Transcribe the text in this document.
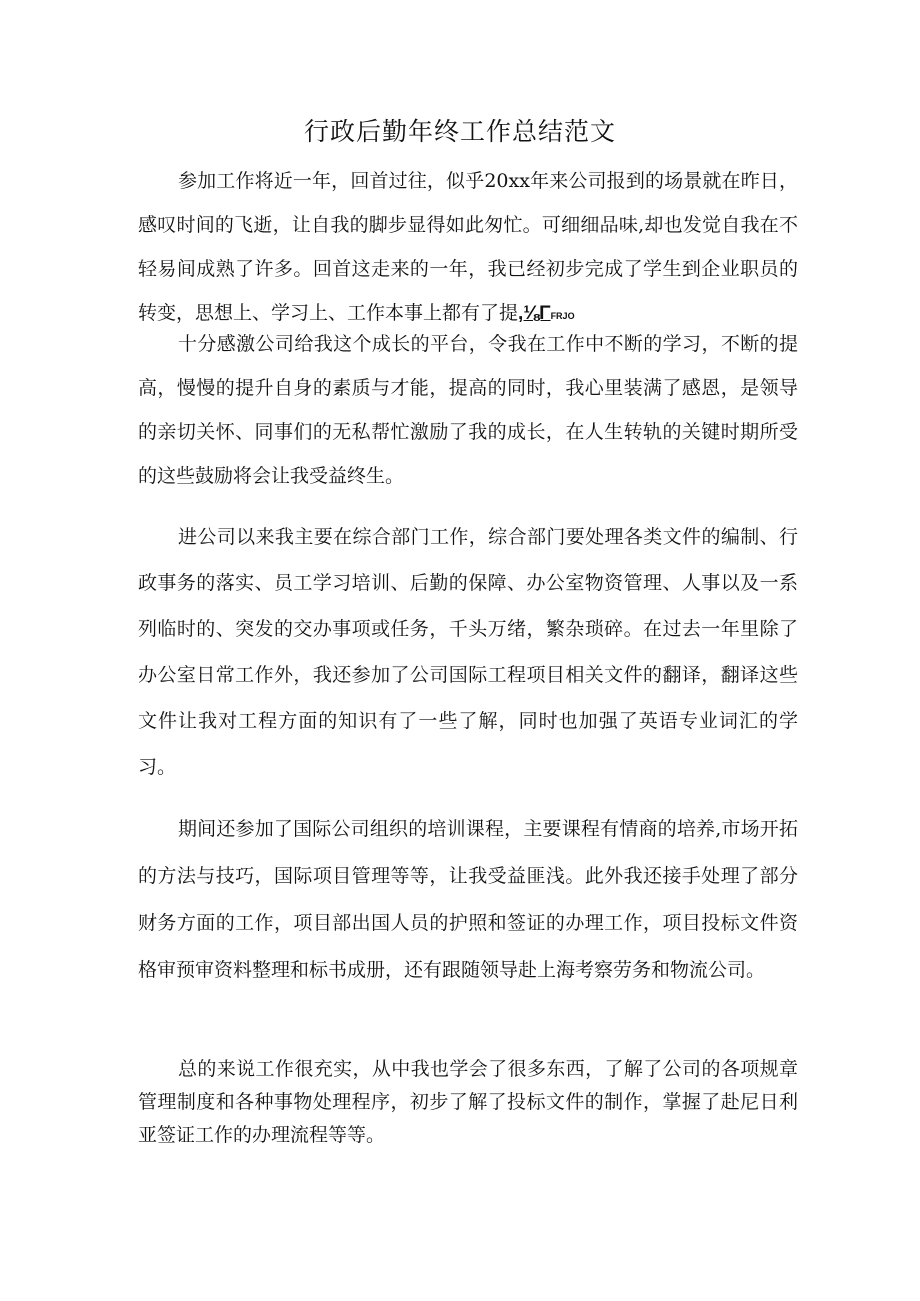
行政后勤年终工作总结范文

参加工作将近一年，回首过往，似乎20xx年来公司报到的场景就在昨日，感叹时间的飞逝，让自我的脚步显得如此匆忙。可细细品味,却也发觉自我在不轻易间成熟了许多。回首这走来的一年，我已经初步完成了学生到企业职员的转变，思想上、学习上、工作本事上都有了提,⅛ΓFRJO

十分感激公司给我这个成长的平台，令我在工作中不断的学习，不断的提高，慢慢的提升自身的素质与才能，提高的同时，我心里装满了感恩，是领导的亲切关怀、同事们的无私帮忙激励了我的成长，在人生转轨的关键时期所受的这些鼓励将会让我受益终生。

进公司以来我主要在综合部门工作，综合部门要处理各类文件的编制、行政事务的落实、员工学习培训、后勤的保障、办公室物资管理、人事以及一系列临时的、突发的交办事项或任务，千头万绪，繁杂琐碎。在过去一年里除了办公室日常工作外，我还参加了公司国际工程项目相关文件的翻译，翻译这些文件让我对工程方面的知识有了一些了解，同时也加强了英语专业词汇的学习。

期间还参加了国际公司组织的培训课程，主要课程有情商的培养,市场开拓的方法与技巧，国际项目管理等等，让我受益匪浅。此外我还接手处理了部分财务方面的工作，项目部出国人员的护照和签证的办理工作，项目投标文件资格审预审资料整理和标书成册，还有跟随领导赴上海考察劳务和物流公司。

总的来说工作很充实，从中我也学会了很多东西，了解了公司的各项规章管理制度和各种事物处理程序，初步了解了投标文件的制作，掌握了赴尼日利亚签证工作的办理流程等等。
